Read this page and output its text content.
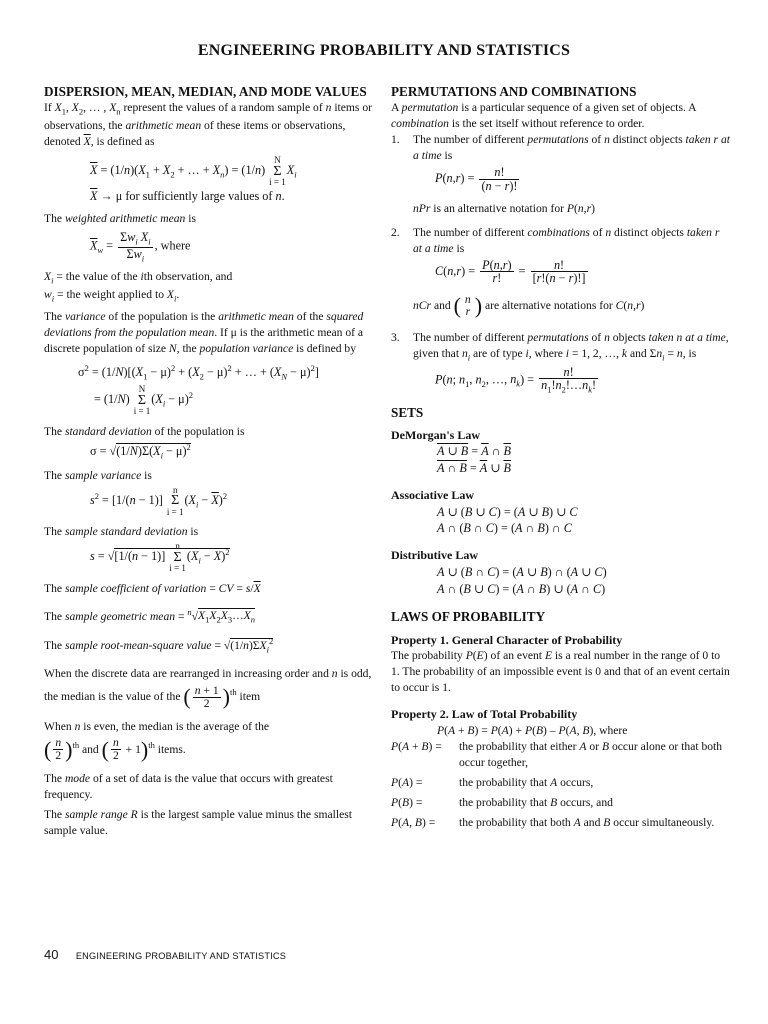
ENGINEERING PROBABILITY AND STATISTICS

DISPERSION, MEAN, MEDIAN, AND MODE VALUES

If $X_1$, $X_2$, … , $X_n$ represent the values of a random sample of n items or observations, the arithmetic mean of these items or observations, denoted $\overline{X}$, is defined as

$\overline{X} = (1/n)(X_1 + X_2$ + … + $X_n) = (1/n)$ N
Σ
$i = 1X_i$
$\overline{X} \to \mu$ for sufficiently large values of n.

The weighted arithmetic mean is

$\overline{X}_w = \frac{\Sigma w_i X_i}{\Sigma w_i}$ , where

$X_i$ = the value of the ith observation, and

$w_i$ = the weight applied to $X_i$.

The variance of the population is the arithmetic mean of the squared deviations from the population mean. If μ is the arithmetic mean of a discrete population of size N, the population variance is defined by

$\sigma^2 = (1/N)[(X_1 - \mu)^2 + (X_2 - \mu)^2$ + … + $(X_N - \mu)^2$]
= (1/N) N
Σ
$i = 1(X_i - \mu)^2$

The standard deviation of the population is

$\sigma = √(1/N)\Sigma(X_i - \mu)^2$

The sample variance is

$s^2 = [1/(n - 1)]$ n
Σ
$i = 1(X_i - \overline{X})^2$

The sample standard deviation is

s = √[1/(n − 1)] n
Σ
$i = 1(X_i - \overline{X})^2$

The sample coefficient of variation = CV = $s/\overline{X}$

The sample geometric mean = $^n√X_1X_2X_3\dots X_n$

The sample root-mean-square value = $√(1/n)\Sigma X_i^2$

When the discrete data are rearranged in increasing order and n is odd, the median is the value of the ( $\frac{n + 1}{2} )^{th}$ item

When n is even, the median is the average of the

( $\frac{n}{2} )^{th}$ and ( $\frac{n}{2} + 1)^{th}$ items.

The mode of a set of data is the value that occurs with greatest frequency.

The sample range R is the largest sample value minus the smallest sample value.

PERMUTATIONS AND COMBINATIONS

A permutation is a particular sequence of a given set of objects. A combination is the set itself without reference to order.

1.	The number of different permutations of n distinct objects taken r at a time is

$P(n,r) = \frac{n!}{(n - r)!}$

nPr is an alternative notation for P(n,r)

2.	The number of different combinations of n distinct objects taken r at a time is

$C(n,r) = \frac{P(n,r)}{r!} = \frac{n!}{[r!(n - r)!]}$

nCr and ( n
r ) are alternative notations for C(n,r)

3.	The number of different permutations of n objects taken n at a time, given that $n_i$ are of type i, where i = 1, 2, …, k and $\Sigma n_i = n$, is

P(n; $n_1$, $n_2$, …, $n_k) = \frac{n!}{n_1!n_2!\dots n_k!}$

SETS

DeMorgan's Law

A ∪ $B = \overline{A}$ ∩ $\overline{B}$
A ∩ $B = \overline{A}$ ∪ $\overline{B}$

Associative Law

A ∪ (B ∪ C) = (A ∪ B) ∪ C
A ∩ (B ∩ C) = (A ∩ B) ∩ C

Distributive Law

A ∪ (B ∩ C) = (A ∪ B) ∩ (A ∪ C)
A ∩ (B ∪ C) = (A ∩ B) ∪ (A ∩ C)

LAWS OF PROBABILITY

Property 1. General Character of Probability

The probability P(E) of an event E is a real number in the range of 0 to 1. The probability of an impossible event is 0 and that of an event certain to occur is 1.

Property 2. Law of Total Probability

P(A + B) = P(A) + P(B) – P(A, B), where

P(A + B) =	the probability that either A or B occur alone or that both occur together,
P(A) =	the probability that A occurs,
P(B) =	the probability that B occurs, and
P(A, B) =	the probability that both A and B occur simultaneously.
40 ENGINEERING PROBABILITY AND STATISTICS
